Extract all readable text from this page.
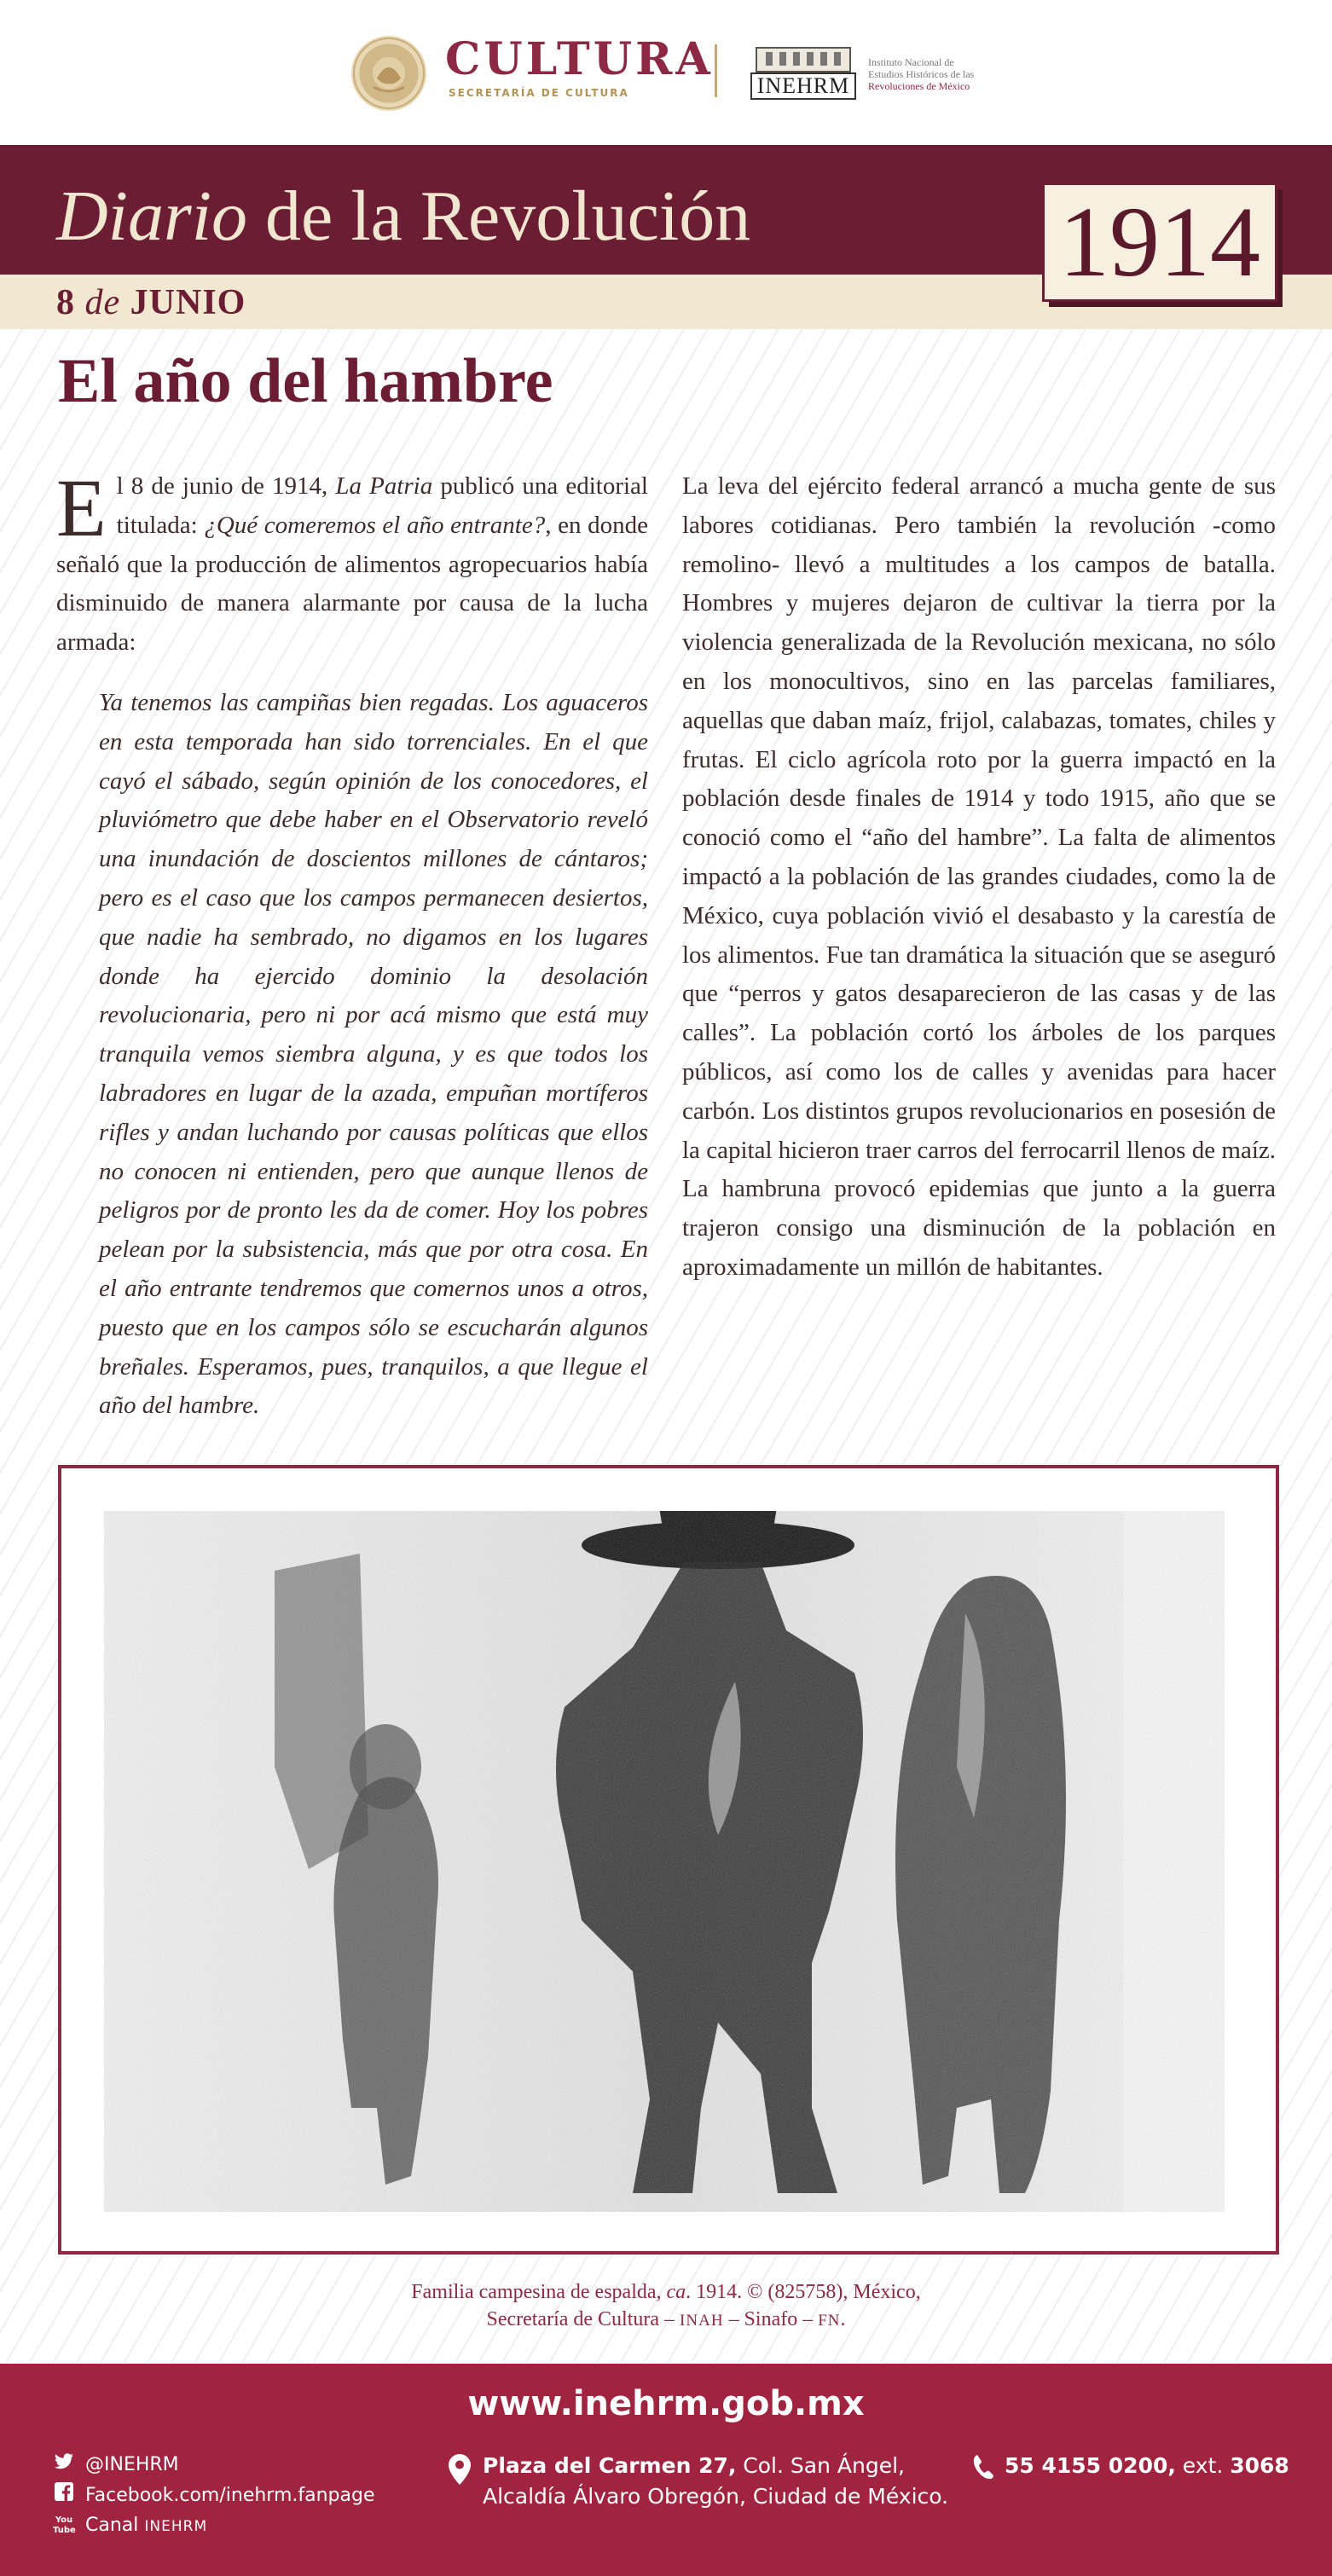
CULTURA
SECRETARÍA DE CULTURA	INEHRM
Instituto Nacional de
Estudios Históricos de las
Revoluciones de México
Diario de la Revolución
8 de JUNIO
1914
El año del hambre

El 8 de junio de 1914, La Patria publicó una editorial titulada: ¿Qué comeremos el año entrante?, en donde señaló que la producción de alimentos agropecuarios había disminuido de manera alarmante por causa de la lucha armada:

Ya tenemos las campiñas bien regadas. Los aguaceros en esta temporada han sido torrenciales. En el que cayó el sábado, según opinión de los conocedores, el pluviómetro que debe haber en el Observatorio reveló una inundación de doscientos millones de cántaros; pero es el caso que los campos permanecen desiertos, que nadie ha sembrado, no digamos en los lugares donde ha ejercido dominio la desolación revolucionaria, pero ni por acá mismo que está muy tranquila vemos siembra alguna, y es que todos los labradores en lugar de la azada, empuñan mortíferos rifles y andan luchando por causas políticas que ellos no conocen ni entienden, pero que aunque llenos de peligros por de pronto les da de comer. Hoy los pobres pelean por la subsistencia, más que por otra cosa. En el año entrante tendremos que comernos unos a otros, puesto que en los campos sólo se escucharán algunos breñales. Esperamos, pues, tranquilos, a que llegue el año del hambre.

La leva del ejército federal arrancó a mucha gente de sus labores cotidianas. Pero también la revolución -como remolino- llevó a multitudes a los campos de batalla. Hombres y mujeres dejaron de cultivar la tierra por la violencia generalizada de la Revolución mexicana, no sólo en los monocultivos, sino en las parcelas familiares, aquellas que daban maíz, frijol, calabazas, tomates, chiles y frutas. El ciclo agrícola roto por la guerra impactó en la población desde finales de 1914 y todo 1915, año que se conoció como el “año del hambre”. La falta de alimentos impactó a la población de las grandes ciudades, como la de México, cuya población vivió el desabasto y la carestía de los alimentos. Fue tan dramática la situación que se aseguró que “perros y gatos desaparecieron de las casas y de las calles”. La población cortó los árboles de los parques públicos, así como los de calles y avenidas para hacer carbón. Los distintos grupos revolucionarios en posesión de la capital hicieron traer carros del ferrocarril llenos de maíz. La hambruna provocó epidemias que junto a la guerra trajeron consigo una disminución de la población en aproximadamente un millón de habitantes.

Familia campesina de espalda, ca. 1914. © (825758), México,
Secretaría de Cultura – INAH – Sinafo – FN.
www.inehrm.gob.mx
@INEHRM
Facebook.com/inehrm.fanpage
You Tube Canal INEHRM
Plaza del Carmen 27, Col. San Ángel,
Alcaldía Álvaro Obregón, Ciudad de México.
55 4155 0200, ext. 3068
